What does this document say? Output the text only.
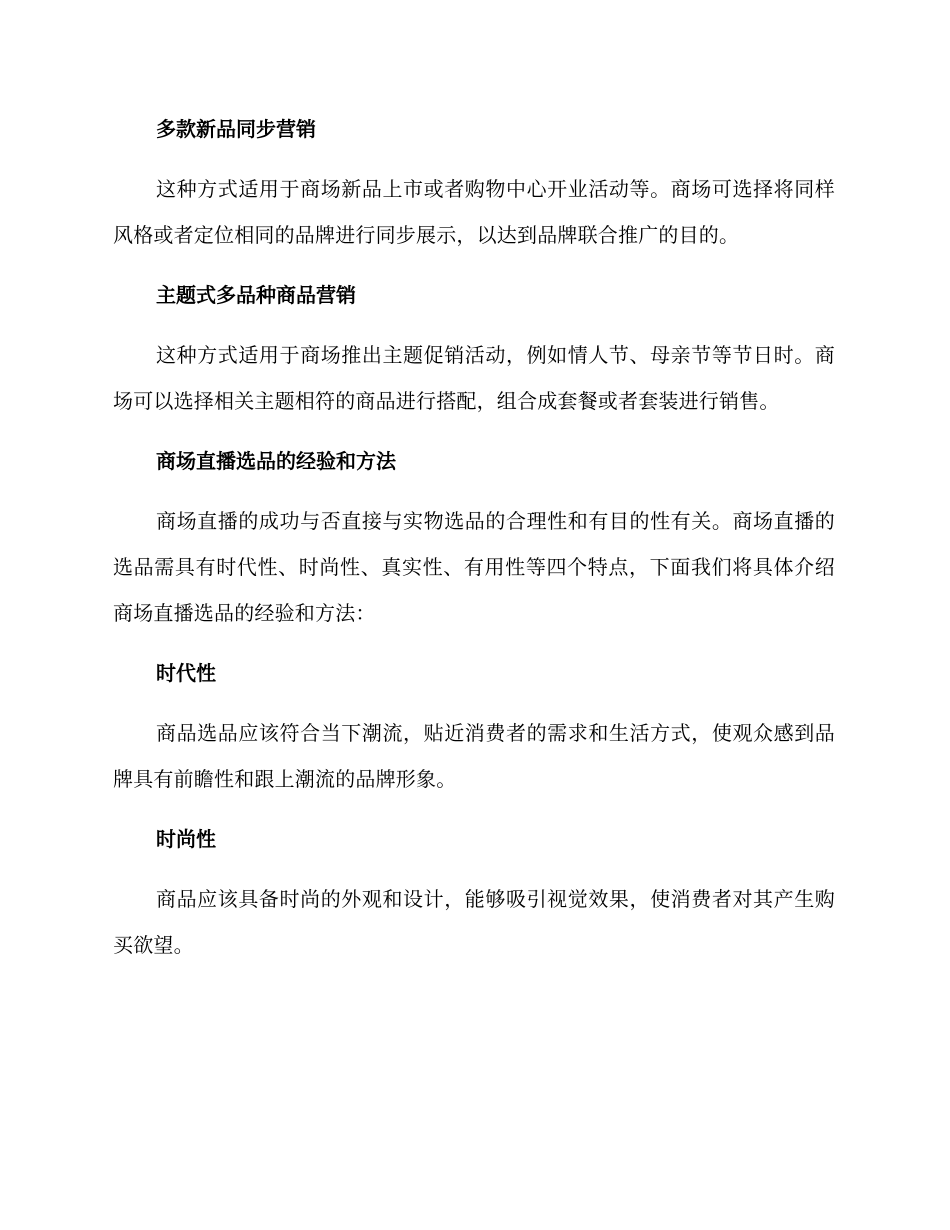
多款新品同步营销

这种方式适用于商场新品上市或者购物中心开业活动等。商场可选择将同样风格或者定位相同的品牌进行同步展示，以达到品牌联合推广的目的。

主题式多品种商品营销

这种方式适用于商场推出主题促销活动，例如情人节、母亲节等节日时。商场可以选择相关主题相符的商品进行搭配，组合成套餐或者套装进行销售。

商场直播选品的经验和方法

商场直播的成功与否直接与实物选品的合理性和有目的性有关。商场直播的选品需具有时代性、时尚性、真实性、有用性等四个特点，下面我们将具体介绍商场直播选品的经验和方法：

时代性

商品选品应该符合当下潮流，贴近消费者的需求和生活方式，使观众感到品牌具有前瞻性和跟上潮流的品牌形象。

时尚性

商品应该具备时尚的外观和设计，能够吸引视觉效果，使消费者对其产生购买欲望。
